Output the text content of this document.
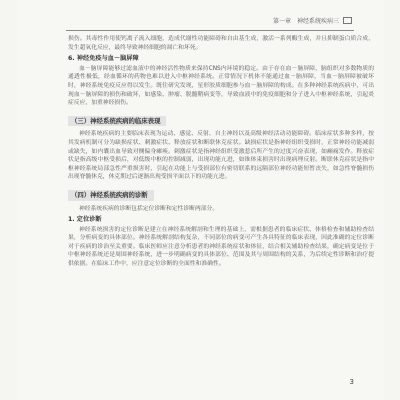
第一章　神经系统疾病三

损伤。其毒性作用使钙离子流入细胞，造成代谢性功能障碍和自由基生成，激活一系列酶生成，并且抑制蛋白质合成，发生超氧化反应，最终导致神经细胞的凋亡和坏死。

6. 神经免疫与血－脑屏障

血－脑屏障能够过滤血液中的神经活性物质来保持CNS内环境的稳定。由于存在血－脑屏障，脑组织对多数物质的通透性极低，经血循环的药物也难以进入中枢神经系统。正常情况下机体不能通过血－脑屏障，当血－脑屏障被破坏时，神经系统免疫反应得以发生。既往研究发现，星形胶质细胞参与血－脑屏障的构成。在多种神经系统疾病中，可出现血－脑屏障的损伤和破坏，如感染、肿瘤、脱髓鞘病变等，导致血液中的免疫细胞和分子进入中枢神经系统，引起炎症反应，加重神经损伤。

（三）神经系统疾病的临床表现

神经系统疾病的主要临床表现为运动、感觉、反射、自主神经以及高级神经活动功能障碍。临床症状多种多样，按其发病机制可分为缺损症状、刺激症状、释放症状和断联休克症状。缺损症状是指神经组织受损时，正常神经功能减弱或缺失，如内囊出血导致对侧偏身瘫痪。刺激症状是指神经组织受激惹后所产生的过度兴奋表现，如癫痫发作。释放症状是指高级中枢受损后，对低级中枢的控制减弱，出现功能亢进，如锥体束损害时出现病理反射。断联休克症状是指中枢神经系统局部急性严重损害时，引起在功能上与受损部位有密切联系的远隔部位神经功能短暂丧失，如急性脊髓损伤出现脊髓休克，休克期过后逐渐出现受损平面以下的功能亢进。

（四）神经系统疾病的诊断

神经系统疾病的诊断包括定位诊断和定性诊断两部分。

1. 定位诊断

神经系统损害的定位诊断是建立在神经系统解剖和生理的基础上，需根据患者的临床症状、体格检查和辅助检查结果，分析病变的具体部位。神经系统解剖结构复杂，不同部位的病变可产生各具特征的临床表现，因此准确的定位诊断对于疾病的诊治至关重要。临床医师应注意分析患者的神经系统症状和体征，结合相关辅助检查结果，确定病变是位于中枢神经系统还是周围神经系统，进一步明确病变的具体部位、范围及其与周围结构的关系，为后续定性诊断和治疗提供依据。在临床工作中，应注意定位诊断的全面性和准确性。

3
